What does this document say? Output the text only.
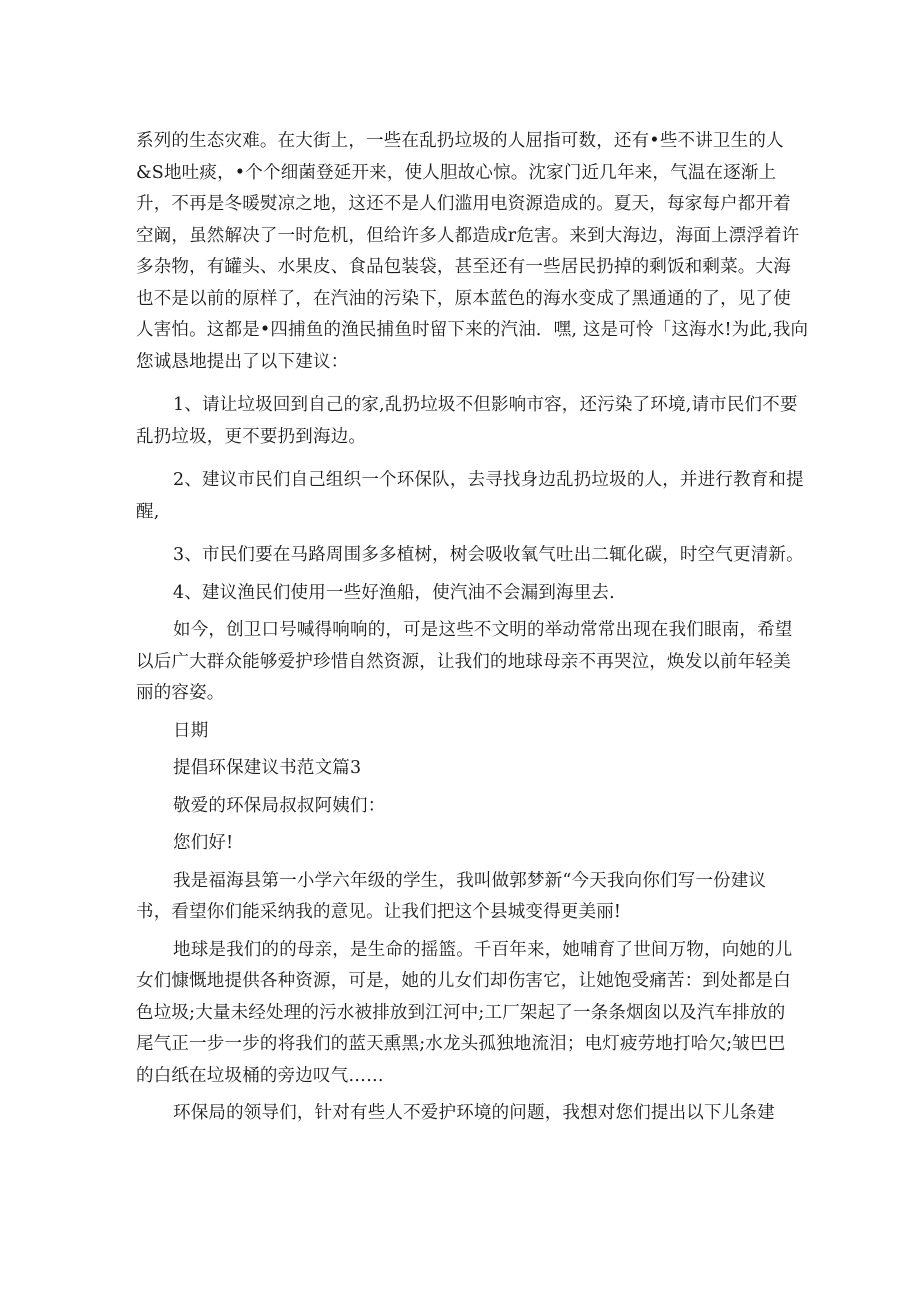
系列的生态灾难。在大街上，一些在乱扔垃圾的人屈指可数，还有•些不讲卫生的人
&S地吐痰，•个个细菌登延开来，使人胆故心惊。沈家门近几年来，气温在逐渐上
升，不再是冬暖熨凉之地，这还不是人们滥用电资源造成的。夏天，每家每户都开着
空阚，虽然解决了一时危机，但给许多人都造成r危害。来到大海边，海面上漂浮着许
多杂物，有罐头、水果皮、食品包装袋，甚至还有一些居民扔掉的剩饭和剩菜。大海
也不是以前的原样了，在汽油的污染下，原本蓝色的海水变成了黑通通的了，见了使
人害怕。这都是•四捕鱼的渔民捕鱼时留下来的汽油．嘿, 这是可怜「这海水!为此,我向
您诚恳地提出了以下建议：
1、请让垃圾回到自己的家,乱扔垃圾不但影响市容，还污染了环境,请市民们不要
乱扔垃圾，更不要扔到海边。
2、建议市民们自己组织一个环保队，去寻找身边乱扔垃圾的人，并进行教育和提
醒,
3、市民们要在马路周围多多植树，树会吸收氧气吐出二辄化碳，时空气更清新。
4、建议渔民们使用一些好渔船，使汽油不会漏到海里去.
如今，创卫口号喊得响响的，可是这些不文明的举动常常出现在我们眼南，希望
以后广大群众能够爱护珍惜自然资源，让我们的地球母亲不再哭泣，焕发以前年轻美
丽的容姿。
日期
提倡环保建议书范文篇3
敬爱的环保局叔叔阿姨们：
您们好!
我是福海县第一小学六年级的学生，我叫做郭梦新“今天我向你们写一份建议
书，看望你们能采纳我的意见。让我们把这个县城变得更美丽!
地球是我们的的母亲，是生命的摇篮。千百年来，她哺育了世间万物，向她的儿
女们慷慨地提供各种资源，可是，她的儿女们却伤害它，让她饱受痛苦：到处都是白
色垃圾;大量未经处理的污水被排放到江河中;工厂架起了一条条烟囱以及汽车排放的
尾气正一步一步的将我们的蓝天熏黑;水龙头孤独地流泪；电灯疲劳地打哈欠;皱巴巴
的白纸在垃圾桶的旁边叹气……
环保局的领导们，针对有些人不爱护环境的问题，我想对您们提出以下儿条建
